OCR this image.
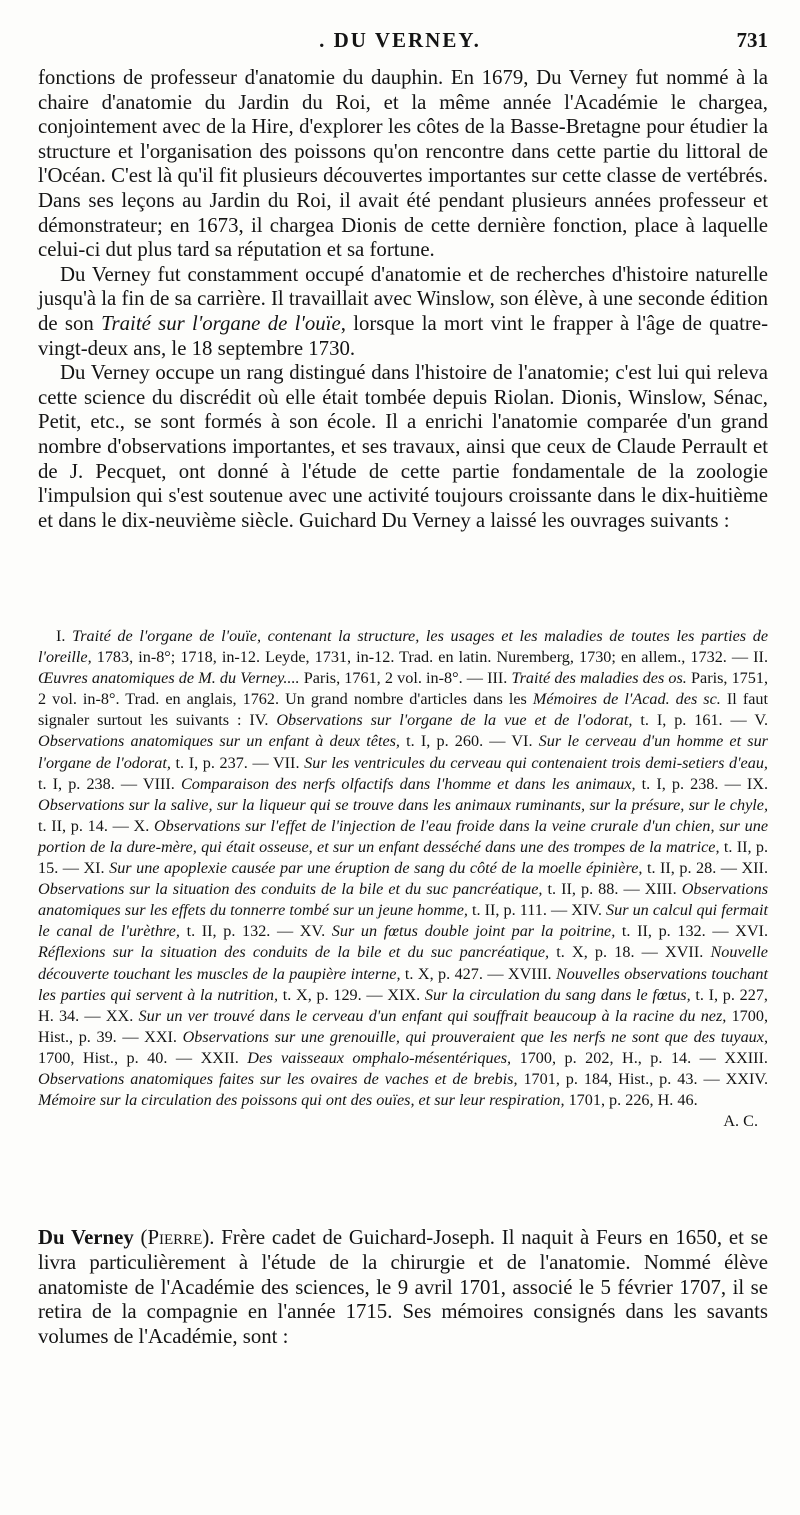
. DU VERNEY.	731

fonctions de professeur d'anatomie du dauphin. En 1679, Du Verney fut nommé à la chaire d'anatomie du Jardin du Roi, et la même année l'Académie le chargea, conjointement avec de la Hire, d'explorer les côtes de la Basse-Bretagne pour étudier la structure et l'organisation des poissons qu'on rencontre dans cette partie du littoral de l'Océan. C'est là qu'il fit plusieurs découvertes importantes sur cette classe de vertébrés. Dans ses leçons au Jardin du Roi, il avait été pendant plusieurs années professeur et démonstrateur; en 1673, il chargea Dionis de cette dernière fonction, place à laquelle celui-ci dut plus tard sa réputation et sa fortune.

Du Verney fut constamment occupé d'anatomie et de recherches d'histoire naturelle jusqu'à la fin de sa carrière. Il travaillait avec Winslow, son élève, à une seconde édition de son Traité sur l'organe de l'ouïe, lorsque la mort vint le frapper à l'âge de quatre-vingt-deux ans, le 18 septembre 1730.

Du Verney occupe un rang distingué dans l'histoire de l'anatomie; c'est lui qui releva cette science du discrédit où elle était tombée depuis Riolan. Dionis, Winslow, Sénac, Petit, etc., se sont formés à son école. Il a enrichi l'anatomie comparée d'un grand nombre d'observations importantes, et ses travaux, ainsi que ceux de Claude Perrault et de J. Pecquet, ont donné à l'étude de cette partie fondamentale de la zoologie l'impulsion qui s'est soutenue avec une activité toujours croissante dans le dix-huitième et dans le dix-neuvième siècle. Guichard Du Verney a laissé les ouvrages suivants :

I. Traité de l'organe de l'ouïe, contenant la structure, les usages et les maladies de toutes les parties de l'oreille, 1783, in-8°; 1718, in-12. Leyde, 1731, in-12. Trad. en latin. Nuremberg, 1730; en allem., 1732. — II. Œuvres anatomiques de M. du Verney.... Paris, 1761, 2 vol. in-8°. — III. Traité des maladies des os. Paris, 1751, 2 vol. in-8°. Trad. en anglais, 1762. Un grand nombre d'articles dans les Mémoires de l'Acad. des sc. Il faut signaler surtout les suivants : IV. Observations sur l'organe de la vue et de l'odorat, t. I, p. 161. — V. Observations anatomiques sur un enfant à deux têtes, t. I, p. 260. — VI. Sur le cerveau d'un homme et sur l'organe de l'odorat, t. I, p. 237. — VII. Sur les ventricules du cerveau qui contenaient trois demi-setiers d'eau, t. I, p. 238. — VIII. Comparaison des nerfs olfactifs dans l'homme et dans les animaux, t. I, p. 238. — IX. Observations sur la salive, sur la liqueur qui se trouve dans les animaux ruminants, sur la présure, sur le chyle, t. II, p. 14. — X. Observations sur l'effet de l'injection de l'eau froide dans la veine crurale d'un chien, sur une portion de la dure-mère, qui était osseuse, et sur un enfant desséché dans une des trompes de la matrice, t. II, p. 15. — XI. Sur une apoplexie causée par une éruption de sang du côté de la moelle épinière, t. II, p. 28. — XII. Observations sur la situation des conduits de la bile et du suc pancréatique, t. II, p. 88. — XIII. Observations anatomiques sur les effets du tonnerre tombé sur un jeune homme, t. II, p. 111. — XIV. Sur un calcul qui fermait le canal de l'urèthre, t. II, p. 132. — XV. Sur un fœtus double joint par la poitrine, t. II, p. 132. — XVI. Réflexions sur la situation des conduits de la bile et du suc pancréatique, t. X, p. 18. — XVII. Nouvelle découverte touchant les muscles de la paupière interne, t. X, p. 427. — XVIII. Nouvelles observations touchant les parties qui servent à la nutrition, t. X, p. 129. — XIX. Sur la circulation du sang dans le fœtus, t. I, p. 227, H. 34. — XX. Sur un ver trouvé dans le cerveau d'un enfant qui souffrait beaucoup à la racine du nez, 1700, Hist., p. 39. — XXI. Observations sur une grenouille, qui prouveraient que les nerfs ne sont que des tuyaux, 1700, Hist., p. 40. — XXII. Des vaisseaux omphalo-mésentériques, 1700, p. 202, H., p. 14. — XXIII. Observations anatomiques faites sur les ovaires de vaches et de brebis, 1701, p. 184, Hist., p. 43. — XXIV. Mémoire sur la circulation des poissons qui ont des ouïes, et sur leur respiration, 1701, p. 226, H. 46.

A. C.

Du Verney (Pierre). Frère cadet de Guichard-Joseph. Il naquit à Feurs en 1650, et se livra particulièrement à l'étude de la chirurgie et de l'anatomie. Nommé élève anatomiste de l'Académie des sciences, le 9 avril 1701, associé le 5 février 1707, il se retira de la compagnie en l'année 1715. Ses mémoires consignés dans les savants volumes de l'Académie, sont :
